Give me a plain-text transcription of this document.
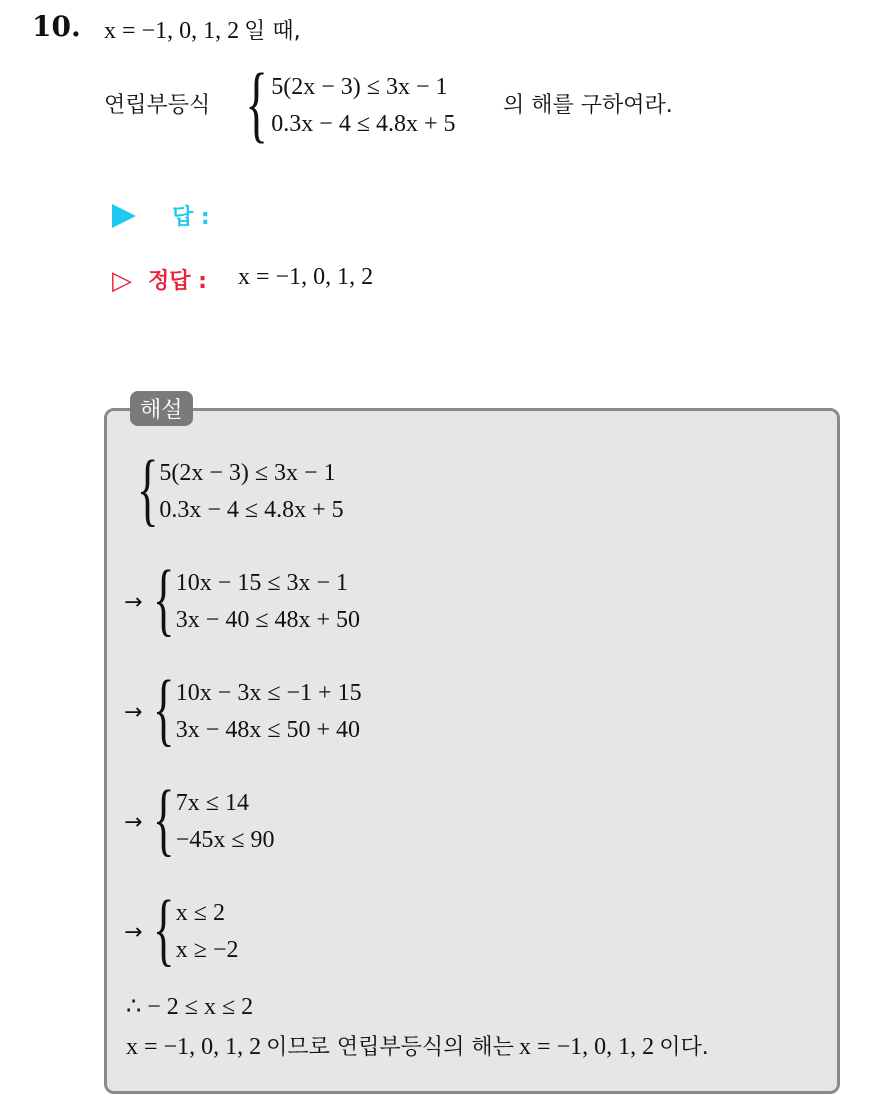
10. x = −1, 0, 1, 2 일 때,
연립부등식 { 5(2x − 3) ≤ 3x − 1
0.3x − 4 ≤ 4.8x + 5
의 해를 구하여라.
답 :
▷ 정답 : x = −1, 0, 1, 2
해설
{ 5(2x − 3) ≤ 3x − 1
0.3x − 4 ≤ 4.8x + 5
→ { 10x − 15 ≤ 3x − 1
3x − 40 ≤ 48x + 50
→ { 10x − 3x ≤ −1 + 15
3x − 48x ≤ 50 + 40
→ { 7x ≤ 14
−45x ≤ 90
→ { x ≤ 2
x ≥ −2
∴ − 2 ≤ x ≤ 2
x = −1, 0, 1, 2 이므로 연립부등식의 해는 x = −1, 0, 1, 2 이다.
